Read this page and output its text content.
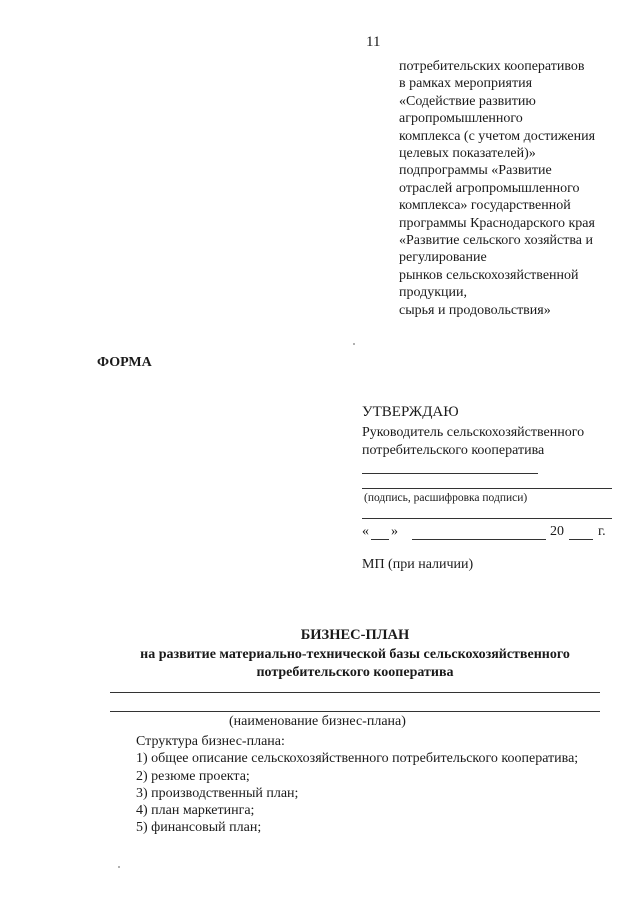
11
потребительских кооперативов
в рамках мероприятия
«Содействие развитию
агропромышленного
комплекса (с учетом достижения
целевых показателей)»
подпрограммы «Развитие
отраслей агропромышленного
комплекса» государственной
программы Краснодарского края
«Развитие сельского хозяйства и
регулирование
рынков сельскохозяйственной
продукции,
сырья и продовольствия»
ФОРМА
УТВЕРЖДАЮ
Руководитель сельскохозяйственного
потребительского кооператива
(подпись, расшифровка подписи)
« »	20 г.
МП (при наличии)
БИЗНЕС-ПЛАН
на развитие материально-технической базы сельскохозяйственного
потребительского кооператива
(наименование бизнес-плана)
Структура бизнес-плана:
1) общее описание сельскохозяйственного потребительского кооператива;
2) резюме проекта;
3) производственный план;
4) план маркетинга;
5) финансовый план;
